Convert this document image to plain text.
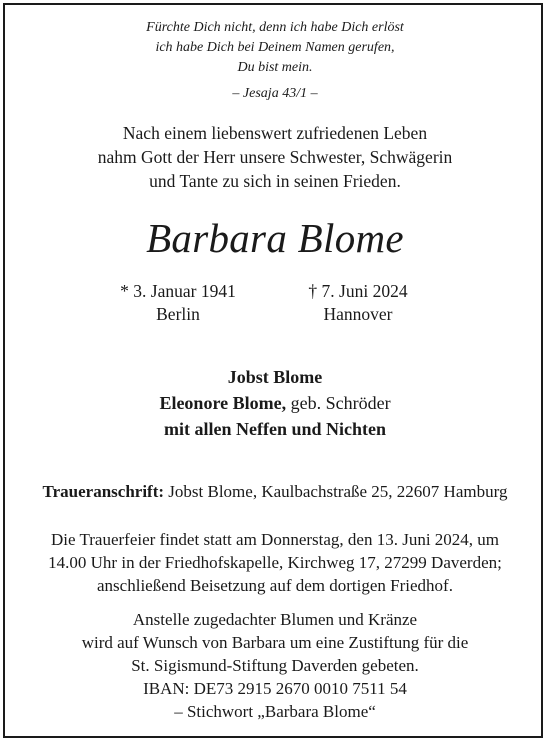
Fürchte Dich nicht, denn ich habe Dich erlöst
ich habe Dich bei Deinem Namen gerufen,
Du bist mein.
– Jesaja 43/1 –
Nach einem liebenswert zufriedenen Leben
nahm Gott der Herr unsere Schwester, Schwägerin
und Tante zu sich in seinen Frieden.
Barbara Blome
* 3. Januar 1941
Berlin
† 7. Juni 2024
Hannover
Jobst Blome
Eleonore Blome, geb. Schröder
mit allen Neffen und Nichten
Traueranschrift: Jobst Blome, Kaulbachstraße 25, 22607 Hamburg
Die Trauerfeier findet statt am Donnerstag, den 13. Juni 2024, um
14.00 Uhr in der Friedhofskapelle, Kirchweg 17, 27299 Daverden;
anschließend Beisetzung auf dem dortigen Friedhof.
Anstelle zugedachter Blumen und Kränze
wird auf Wunsch von Barbara um eine Zustiftung für die
St. Sigismund-Stiftung Daverden gebeten.
IBAN: DE73 2915 2670 0010 7511 54
– Stichwort „Barbara Blome“
